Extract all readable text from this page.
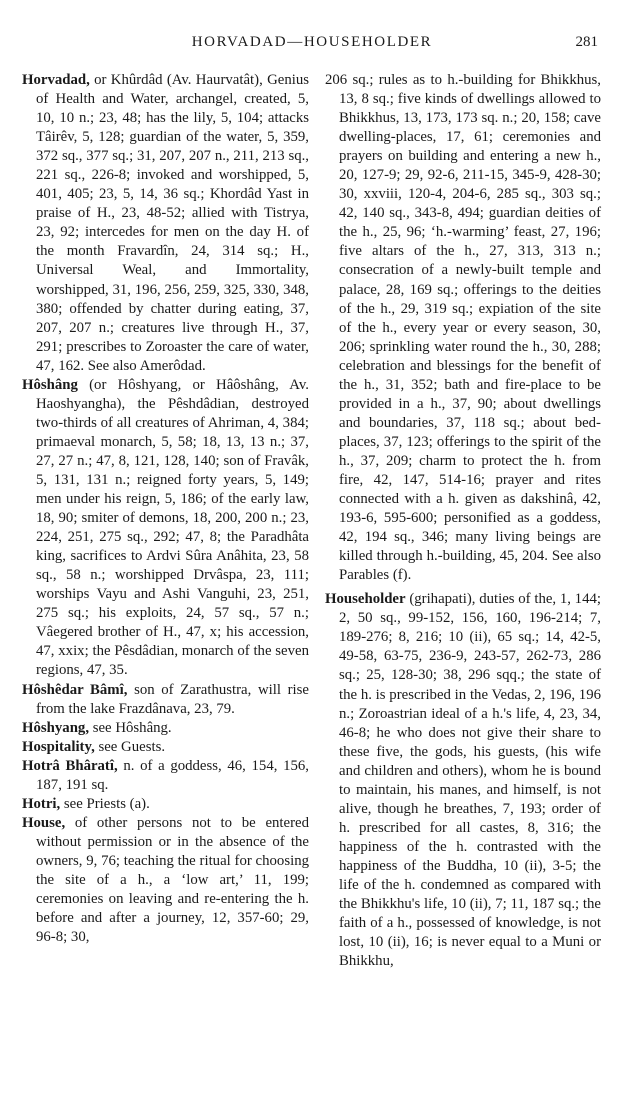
HORVADAD—HOUSEHOLDER	281

Horvadad, or Khûrdâd (Av. Haurvatât), Genius of Health and Water, archangel, created, 5, 10, 10 n.; 23, 48; has the lily, 5, 104; attacks Tâirêv, 5, 128; guardian of the water, 5, 359, 372 sq., 377 sq.; 31, 207, 207 n., 211, 213 sq., 221 sq., 226-8; invoked and worshipped, 5, 401, 405; 23, 5, 14, 36 sq.; Khordâd Yast in praise of H., 23, 48-52; allied with Tistrya, 23, 92; intercedes for men on the day H. of the month Fravardîn, 24, 314 sq.; H., Universal Weal, and Immortality, worshipped, 31, 196, 256, 259, 325, 330, 348, 380; offended by chatter during eating, 37, 207, 207 n.; creatures live through H., 37, 291; prescribes to Zoroaster the care of water, 47, 162. See also Amerôdad.

Hôshâng (or Hôshyang, or Hâôshâng, Av. Haoshyangha), the Pêshdâdian, destroyed two-thirds of all creatures of Ahriman, 4, 384; primaeval monarch, 5, 58; 18, 13, 13 n.; 37, 27, 27 n.; 47, 8, 121, 128, 140; son of Fravâk, 5, 131, 131 n.; reigned forty years, 5, 149; men under his reign, 5, 186; of the early law, 18, 90; smiter of demons, 18, 200, 200 n.; 23, 224, 251, 275 sq., 292; 47, 8; the Paradhâta king, sacrifices to Ardvi Sûra Anâhita, 23, 58 sq., 58 n.; worshipped Drvâspa, 23, 111; worships Vayu and Ashi Vanguhi, 23, 251, 275 sq.; his exploits, 24, 57 sq., 57 n.; Vâegered brother of H., 47, x; his accession, 47, xxix; the Pêsdâdian, monarch of the seven regions, 47, 35.

Hôshêdar Bâmî, son of Zarathustra, will rise from the lake Frazdânava, 23, 79.

Hôshyang, see Hôshâng.

Hospitality, see Guests.

Hotrâ Bhâratî, n. of a goddess, 46, 154, 156, 187, 191 sq.

Hotri, see Priests (a).

House, of other persons not to be entered without permission or in the absence of the owners, 9, 76; teaching the ritual for choosing the site of a h., a ‘low art,’ 11, 199; ceremonies on leaving and re-entering the h. before and after a journey, 12, 357-60; 29, 96-8; 30,

206 sq.; rules as to h.-building for Bhikkhus, 13, 8 sq.; five kinds of dwellings allowed to Bhikkhus, 13, 173, 173 sq. n.; 20, 158; cave dwelling-places, 17, 61; ceremonies and prayers on building and entering a new h., 20, 127-9; 29, 92-6, 211-15, 345-9, 428-30; 30, xxviii, 120-4, 204-6, 285 sq., 303 sq.; 42, 140 sq., 343-8, 494; guardian deities of the h., 25, 96; ‘h.-warming’ feast, 27, 196; five altars of the h., 27, 313, 313 n.; consecration of a newly-built temple and palace, 28, 169 sq.; offerings to the deities of the h., 29, 319 sq.; expiation of the site of the h., every year or every season, 30, 206; sprinkling water round the h., 30, 288; celebration and blessings for the benefit of the h., 31, 352; bath and fire-place to be provided in a h., 37, 90; about dwellings and boundaries, 37, 118 sq.; about bed-places, 37, 123; offerings to the spirit of the h., 37, 209; charm to protect the h. from fire, 42, 147, 514-16; prayer and rites connected with a h. given as dakshinâ, 42, 193-6, 595-600; personified as a goddess, 42, 194 sq., 346; many living beings are killed through h.-building, 45, 204. See also Parables (f).

Householder (grihapati), duties of the, 1, 144; 2, 50 sq., 99-152, 156, 160, 196-214; 7, 189-276; 8, 216; 10 (ii), 65 sq.; 14, 42-5, 49-58, 63-75, 236-9, 243-57, 262-73, 286 sq.; 25, 128-30; 38, 296 sqq.; the state of the h. is prescribed in the Vedas, 2, 196, 196 n.; Zoroastrian ideal of a h.'s life, 4, 23, 34, 46-8; he who does not give their share to these five, the gods, his guests, (his wife and children and others), whom he is bound to maintain, his manes, and himself, is not alive, though he breathes, 7, 193; order of h. prescribed for all castes, 8, 316; the happiness of the h. contrasted with the happiness of the Buddha, 10 (ii), 3-5; the life of the h. condemned as compared with the Bhikkhu's life, 10 (ii), 7; 11, 187 sq.; the faith of a h., possessed of knowledge, is not lost, 10 (ii), 16; is never equal to a Muni or Bhikkhu,
